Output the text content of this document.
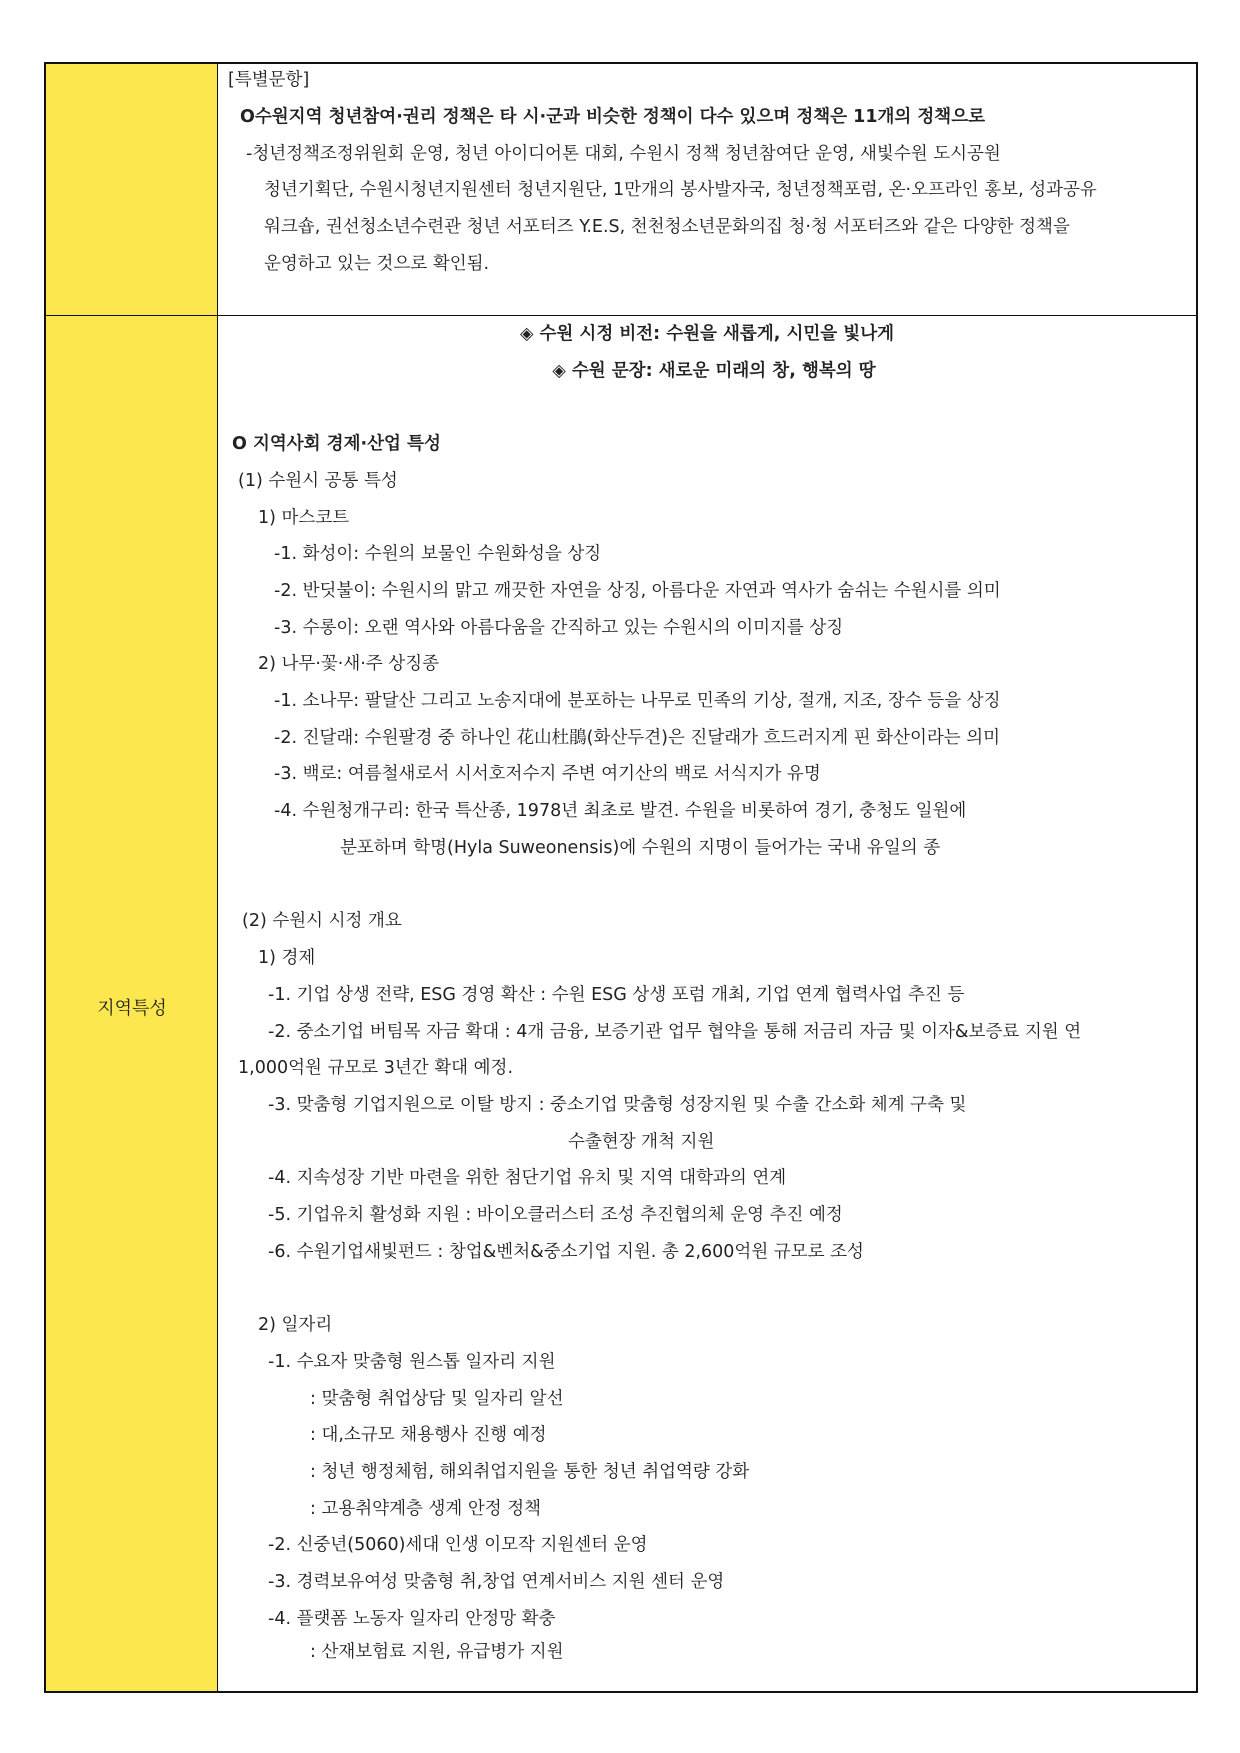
[특별문항]
O수원지역 청년참여·권리 정책은 타 시·군과 비슷한 정책이 다수 있으며 정책은 11개의 정책으로
-청년정책조정위원회 운영, 청년 아이디어톤 대회, 수원시 정책 청년참여단 운영, 새빛수원 도시공원
청년기획단, 수원시청년지원센터 청년지원단, 1만개의 봉사발자국, 청년정책포럼, 온·오프라인 홍보, 성과공유
워크숍, 권선청소년수련관 청년 서포터즈 Y.E.S, 천천청소년문화의집 청·청 서포터즈와 같은 다양한 정책을
운영하고 있는 것으로 확인됨.
지역특성
◈ 수원 시정 비전: 수원을 새롭게, 시민을 빛나게
◈ 수원 문장: 새로운 미래의 창, 행복의 땅
O 지역사회 경제·산업 특성
(1) 수원시 공통 특성
1) 마스코트
-1. 화성이: 수원의 보물인 수원화성을 상징
-2. 반딧불이: 수원시의 맑고 깨끗한 자연을 상징, 아름다운 자연과 역사가 숨쉬는 수원시를 의미
-3. 수롱이: 오랜 역사와 아름다움을 간직하고 있는 수원시의 이미지를 상징
2) 나무·꽃·새·주 상징종
-1. 소나무: 팔달산 그리고 노송지대에 분포하는 나무로 민족의 기상, 절개, 지조, 장수 등을 상징
-2. 진달래: 수원팔경 중 하나인 花山杜鵑(화산두견)은 진달래가 흐드러지게 핀 화산이라는 의미
-3. 백로: 여름철새로서 시서호저수지 주변 여기산의 백로 서식지가 유명
-4. 수원청개구리: 한국 특산종, 1978년 최초로 발견. 수원을 비롯하여 경기, 충청도 일원에
분포하며 학명(Hyla Suweonensis)에 수원의 지명이 들어가는 국내 유일의 종
(2) 수원시 시정 개요
1) 경제
-1. 기업 상생 전략, ESG 경영 확산 : 수원 ESG 상생 포럼 개최, 기업 연계 협력사업 추진 등
-2. 중소기업 버팀목 자금 확대 : 4개 금융, 보증기관 업무 협약을 통해 저금리 자금 및 이자&보증료 지원 연
1,000억원 규모로 3년간 확대 예정.
-3. 맞춤형 기업지원으로 이탈 방지 : 중소기업 맞춤형 성장지원 및 수출 간소화 체계 구축 및
수출현장 개척 지원
-4. 지속성장 기반 마련을 위한 첨단기업 유치 및 지역 대학과의 연계
-5. 기업유치 활성화 지원 : 바이오클러스터 조성 추진협의체 운영 추진 예정
-6. 수원기업새빛펀드 : 창업&벤처&중소기업 지원. 총 2,600억원 규모로 조성
2) 일자리
-1. 수요자 맞춤형 원스톱 일자리 지원
: 맞춤형 취업상담 및 일자리 알선
: 대,소규모 채용행사 진행 예정
: 청년 행정체험, 해외취업지원을 통한 청년 취업역량 강화
: 고용취약계층 생계 안정 정책
-2. 신중년(5060)세대 인생 이모작 지원센터 운영
-3. 경력보유여성 맞춤형 취,창업 연계서비스 지원 센터 운영
-4. 플랫폼 노동자 일자리 안정망 확충
: 산재보험료 지원, 유급병가 지원
